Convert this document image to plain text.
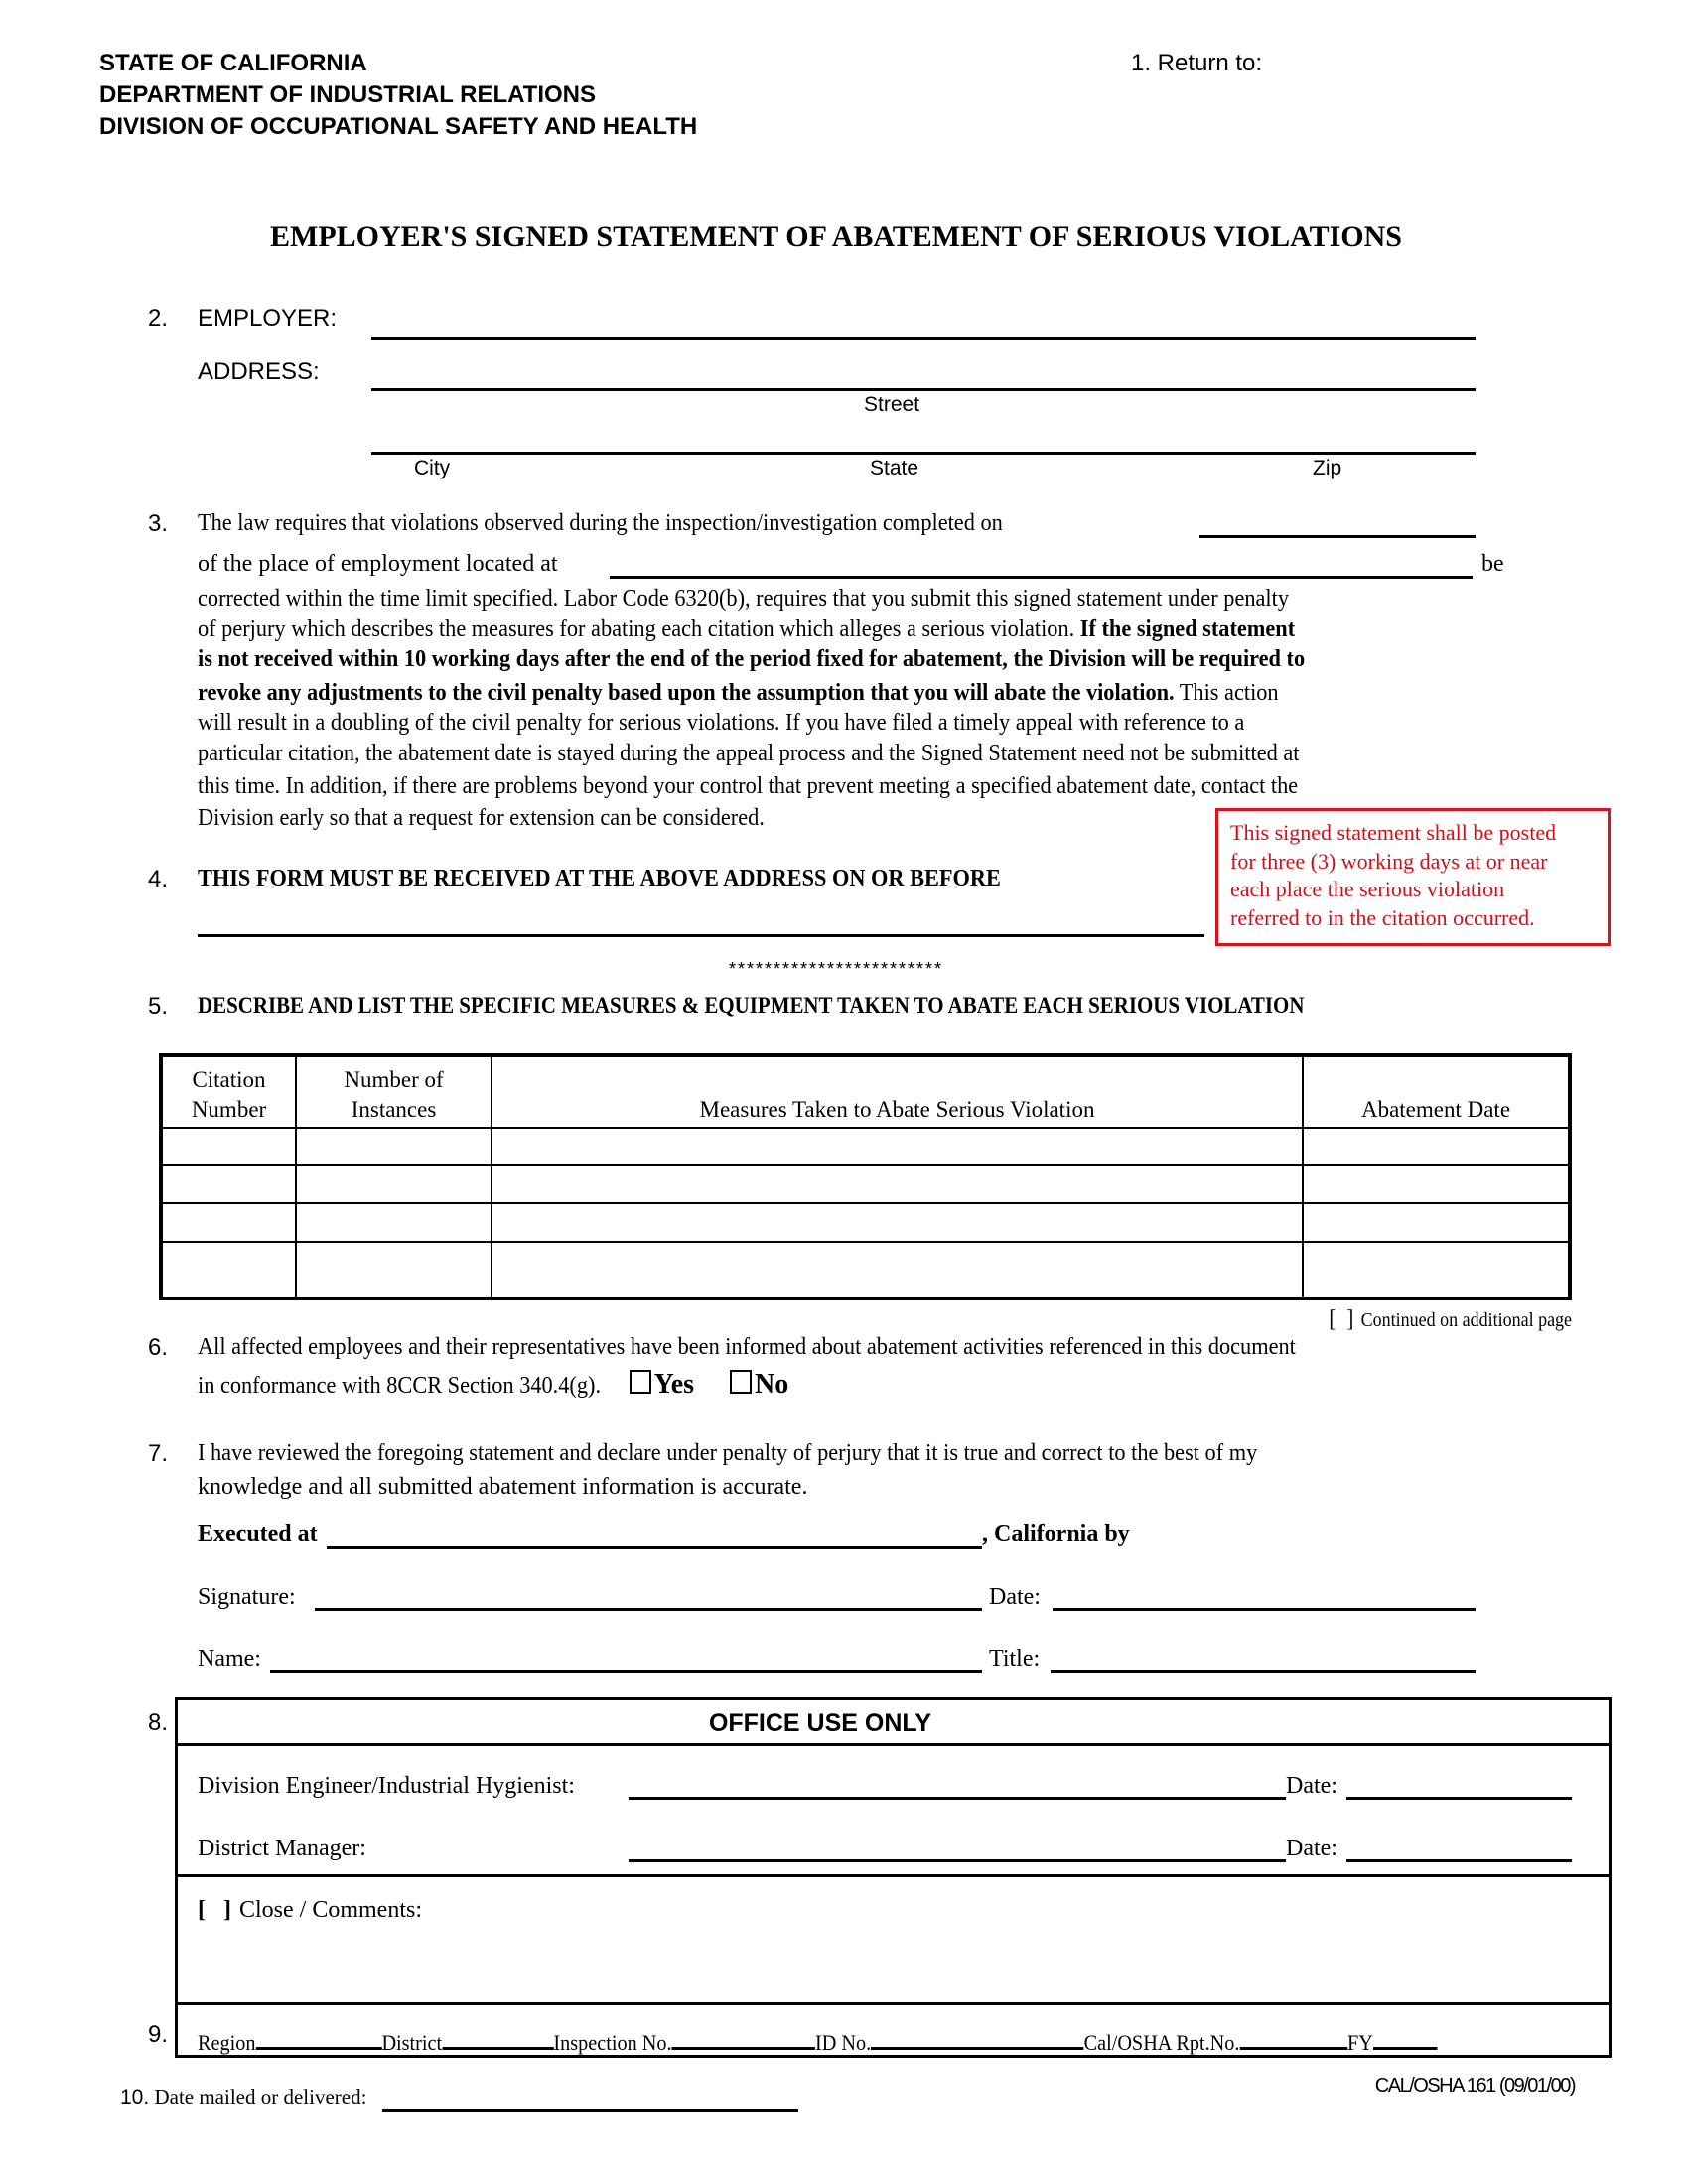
STATE OF CALIFORNIA
DEPARTMENT OF INDUSTRIAL RELATIONS
DIVISION OF OCCUPATIONAL SAFETY AND HEALTH
1. Return to:
EMPLOYER'S SIGNED STATEMENT OF ABATEMENT OF SERIOUS VIOLATIONS
2. EMPLOYER:
ADDRESS:
Street
City	State	Zip
3. The law requires that violations observed during the inspection/investigation completed on
of the place of employment located at	be
corrected within the time limit specified. Labor Code 6320(b), requires that you submit this signed statement under penalty
of perjury which describes the measures for abating each citation which alleges a serious violation. If the signed statement
is not received within 10 working days after the end of the period fixed for abatement, the Division will be required to
revoke any adjustments to the civil penalty based upon the assumption that you will abate the violation. This action
will result in a doubling of the civil penalty for serious violations. If you have filed a timely appeal with reference to a
particular citation, the abatement date is stayed during the appeal process and the Signed Statement need not be submitted at
this time. In addition, if there are problems beyond your control that prevent meeting a specified abatement date, contact the
Division early so that a request for extension can be considered.
This signed statement shall be posted
for three (3) working days at or near
each place the serious violation
referred to in the citation occurred.
4. THIS FORM MUST BE RECEIVED AT THE ABOVE ADDRESS ON OR BEFORE
************************
5. DESCRIBE AND LIST THE SPECIFIC MEASURES & EQUIPMENT TAKEN TO ABATE EACH SERIOUS VIOLATION
Citation Number	Number of Instances	Measures Taken to Abate Serious Violation	Abatement Date

[  ] Continued on additional page
6. All affected employees and their representatives have been informed about abatement activities referenced in this document
in conformance with 8CCR Section 340.4(g). Yes No
7. I have reviewed the foregoing statement and declare under penalty of perjury that it is true and correct to the best of my
knowledge and all submitted abatement information is accurate.
Executed at	, California by
Signature:	Date:
Name:	Title:
8.	OFFICE USE ONLY
Division Engineer/Industrial Hygienist:	Date:
District Manager:	Date:
[   ] Close / Comments:
9. Region	District	Inspection No.	ID No.	Cal/OSHA Rpt.No.	FY
10. Date mailed or delivered:	CAL/OSHA 161 (09/01/00)
